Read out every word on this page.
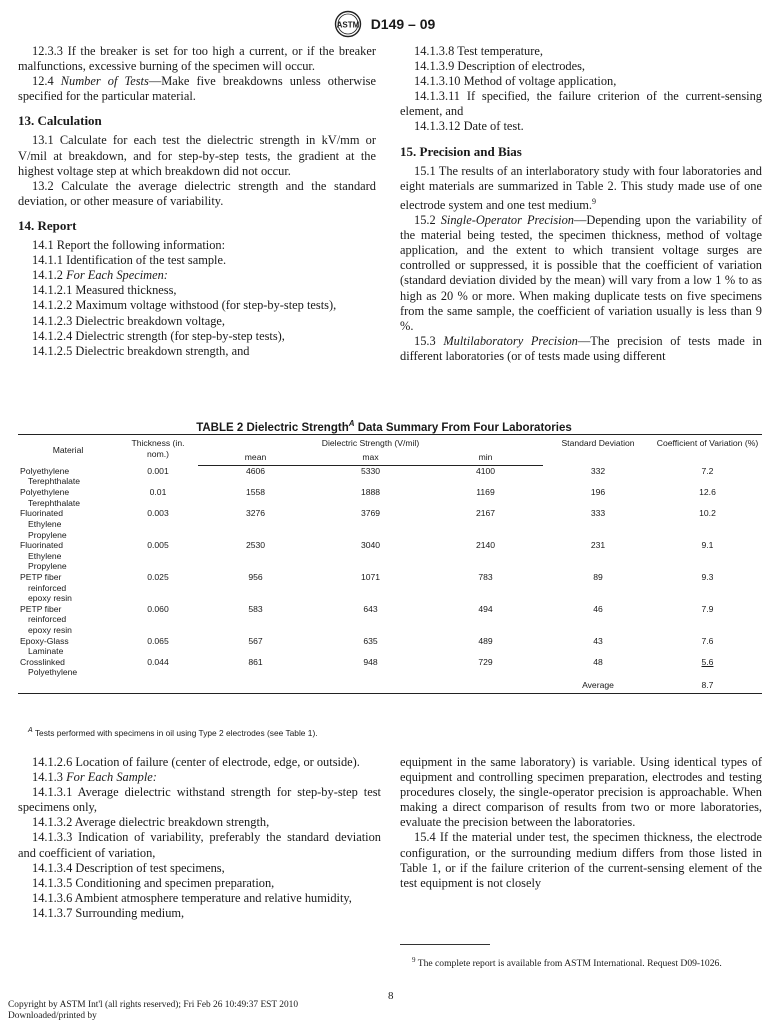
ASTM D149 – 09

12.3.3 If the breaker is set for too high a current, or if the breaker malfunctions, excessive burning of the specimen will occur.

12.4 Number of Tests—Make five breakdowns unless otherwise specified for the particular material.

13. Calculation

13.1 Calculate for each test the dielectric strength in kV/mm or V/mil at breakdown, and for step-by-step tests, the gradient at the highest voltage step at which breakdown did not occur.

13.2 Calculate the average dielectric strength and the standard deviation, or other measure of variability.

14. Report

14.1 Report the following information:

14.1.1 Identification of the test sample.

14.1.2 For Each Specimen:

14.1.2.1 Measured thickness,

14.1.2.2 Maximum voltage withstood (for step-by-step tests),

14.1.2.3 Dielectric breakdown voltage,

14.1.2.4 Dielectric strength (for step-by-step tests),

14.1.2.5 Dielectric breakdown strength, and

14.1.3.8 Test temperature,

14.1.3.9 Description of electrodes,

14.1.3.10 Method of voltage application,

14.1.3.11 If specified, the failure criterion of the current-sensing element, and

14.1.3.12 Date of test.

15. Precision and Bias

15.1 The results of an interlaboratory study with four laboratories and eight materials are summarized in Table 2. This study made use of one electrode system and one test medium.$^9$

15.2 Single-Operator Precision—Depending upon the variability of the material being tested, the specimen thickness, method of voltage application, and the extent to which transient voltage surges are controlled or suppressed, it is possible that the coefficient of variation (standard deviation divided by the mean) will vary from a low 1 % to as high as 20 % or more. When making duplicate tests on five specimens from the same sample, the coefficient of variation usually is less than 9 %.

15.3 Multilaboratory Precision—The precision of tests made in different laboratories (or of tests made using different

TABLE 2 Dielectric Strength$^A$ Data Summary From Four Laboratories
Material	Thickness (in. nom.)	Dielectric Strength (V/mil)			Standard Deviation	Coefficient of Variation (%)
		mean	max	min		

Polyethylene
Terephthalate	0.001	4606	5330	4100	332	7.2

Polyethylene
Terephthalate	0.01	1558	1888	1169	196	12.6

Fluorinated
Ethylene
Propylene	0.003	3276	3769	2167	333	10.2

Fluorinated
Ethylene
Propylene	0.005	2530	3040	2140	231	9.1

PETP fiber
reinforced
epoxy resin	0.025	956	1071	783	89	9.3

PETP fiber
reinforced
epoxy resin	0.060	583	643	494	46	7.9

Epoxy-Glass
Laminate	0.065	567	635	489	43	7.6

Crosslinked
Polyethylene	0.044	861	948	729	48	5.6
					Average	8.7
$^A$ Tests performed with specimens in oil using Type 2 electrodes (see Table 1).

14.1.2.6 Location of failure (center of electrode, edge, or outside).

14.1.3 For Each Sample:

14.1.3.1 Average dielectric withstand strength for step-by-step test specimens only,

14.1.3.2 Average dielectric breakdown strength,

14.1.3.3 Indication of variability, preferably the standard deviation and coefficient of variation,

14.1.3.4 Description of test specimens,

14.1.3.5 Conditioning and specimen preparation,

14.1.3.6 Ambient atmosphere temperature and relative humidity,

14.1.3.7 Surrounding medium,

equipment in the same laboratory) is variable. Using identical types of equipment and controlling specimen preparation, electrodes and testing procedures closely, the single-operator precision is approachable. When making a direct comparison of results from two or more laboratories, evaluate the precision between the laboratories.

15.4 If the material under test, the specimen thickness, the electrode configuration, or the surrounding medium differs from those listed in Table 1, or if the failure criterion of the current-sensing element of the test equipment is not closely

$^9$ The complete report is available from ASTM International. Request D09-1026.
Copyright by ASTM Int'l (all rights reserved); Fri Feb 26 10:49:37 EST 2010
Downloaded/printed by
8
